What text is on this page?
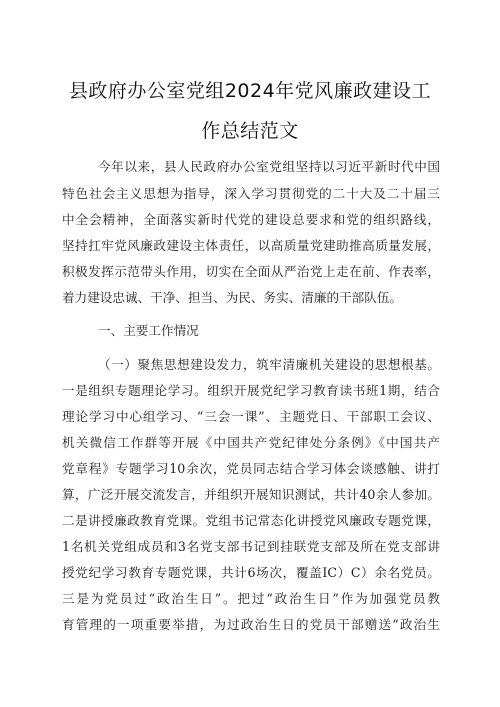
县政府办公室党组2024年党风廉政建设工
作总结范文
今年以来，县人民政府办公室党组坚持以习近平新时代中国
特色社会主义思想为指导，深入学习贯彻党的二十大及二十届三
中全会精神，全面落实新时代党的建设总要求和党的组织路线，
坚持扛牢党风廉政建设主体责任，以高质量党建助推高质量发展，
积极发挥示范带头作用，切实在全面从严治党上走在前、作表率，
着力建设忠诚、干净、担当、为民、务实、清廉的干部队伍。
一、主要工作情况
（一）聚焦思想建设发力，筑牢清廉机关建设的思想根基。
一是组织专题理论学习。组织开展党纪学习教育读书班1期，结合
理论学习中心组学习、“三会一课”、主题党日、干部职工会议、
机关微信工作群等开展《中国共产党纪律处分条例》《中国共产
党章程》专题学习10余次，党员同志结合学习体会谈感触、讲打
算，广泛开展交流发言，并组织开展知识测试，共计40余人参加。
二是讲授廉政教育党课。党组书记常态化讲授党风廉政专题党课，
1名机关党组成员和3名党支部书记到挂联党支部及所在党支部讲
授党纪学习教育专题党课，共计6场次，覆盖IC）C）余名党员。
三是为党员过“政治生日”。把过“政治生日”作为加强党员教
育管理的一项重要举措，为过政治生日的党员干部赠送“政治生
